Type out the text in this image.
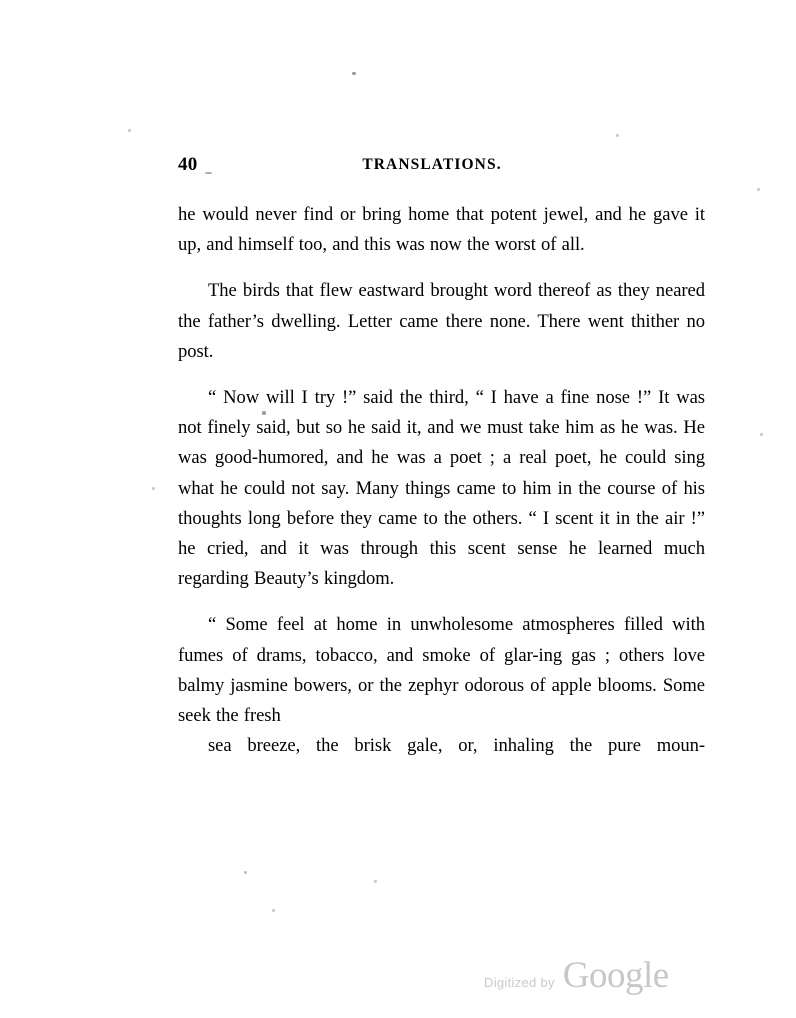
40	TRANSLATIONS.

he would never find or bring home that potent jewel, and he gave it up, and himself too, and this was now the worst of all.

The birds that flew eastward brought word thereof as they neared the father’s dwelling. Letter came there none. There went thither no post.

“ Now will I try !” said the third, “ I have a fine nose !” It was not finely said, but so he said it, and we must take him as he was. He was good-humored, and he was a poet ; a real poet, he could sing what he could not say. Many things came to him in the course of his thoughts long before they came to the others. “ I scent it in the air !” he cried, and it was through this scent sense he learned much regarding Beauty’s kingdom.

“ Some feel at home in unwholesome atmospheres filled with fumes of drams, tobacco, and smoke of glar-ing gas ; others love balmy jasmine bowers, or the zephyr odorous of apple blooms. Some seek the fresh
sea breeze, the brisk gale, or, inhaling the pure moun-

Digitized by Google
